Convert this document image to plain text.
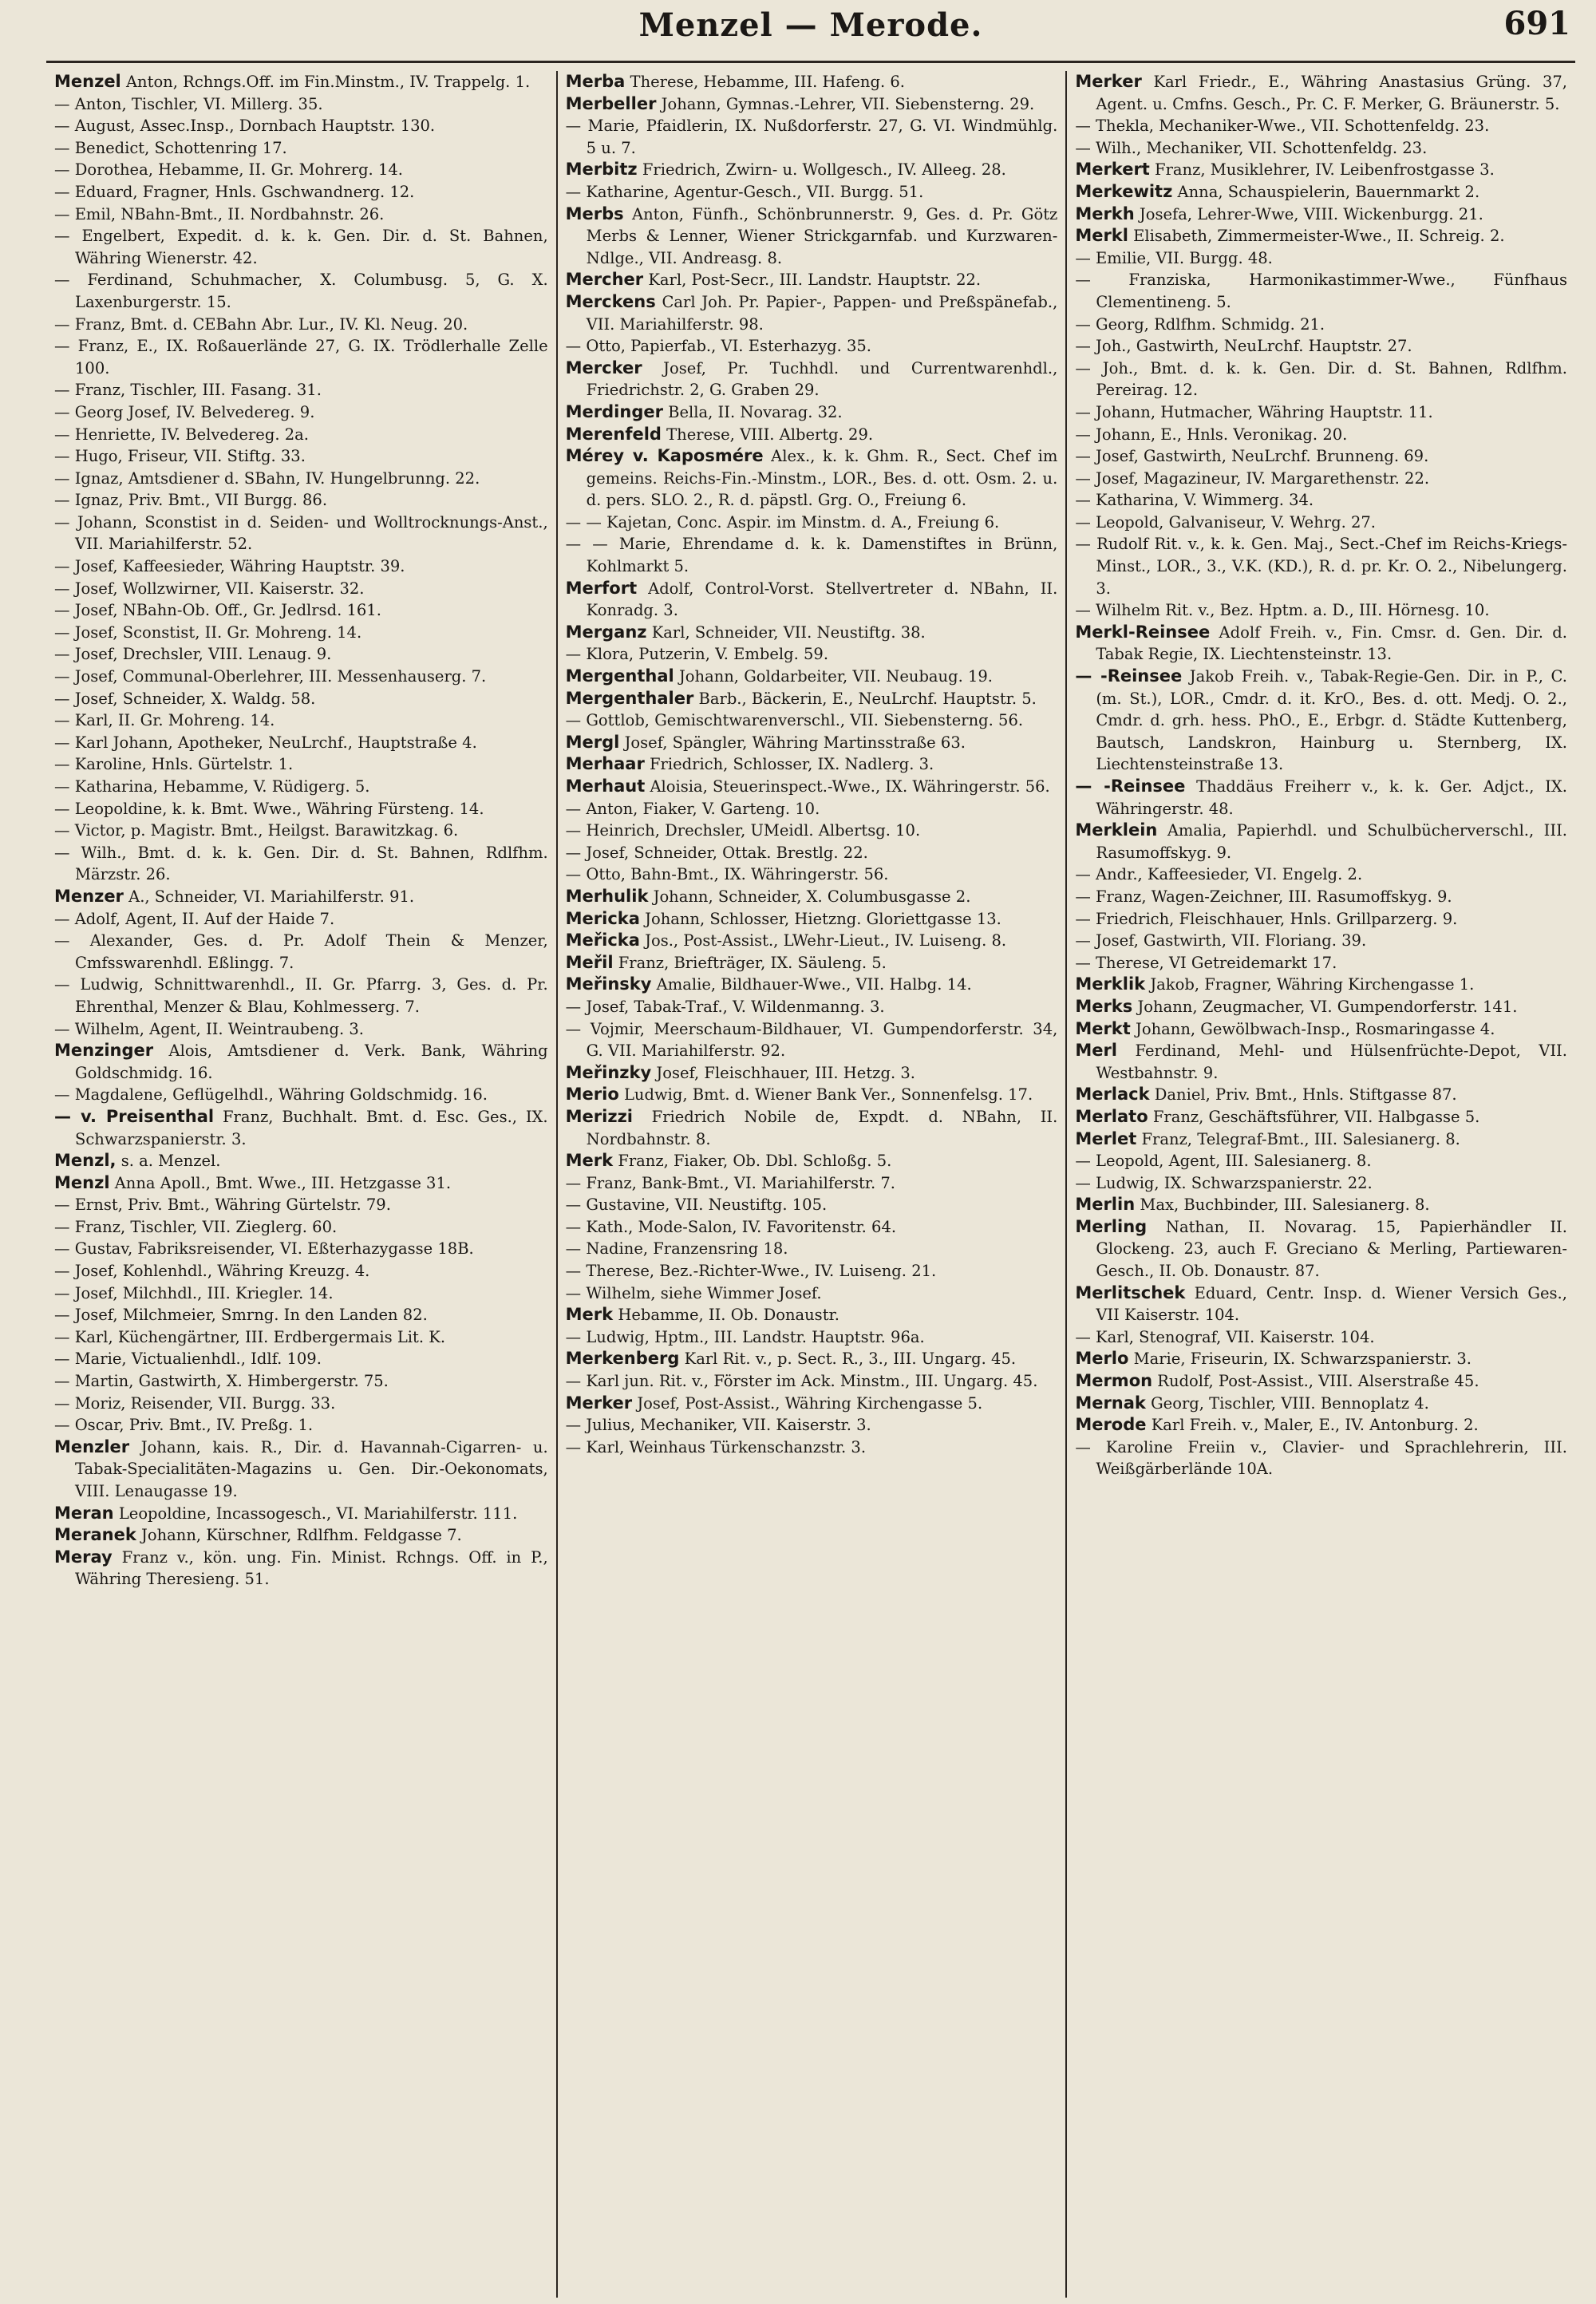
Menzel — Merode.	691
Menzel Anton, Rchngs.Off. im Fin.Minstm., IV. Trappelg. 1.
— Anton, Tischler, VI. Millerg. 35.
— August, Assec.Insp., Dornbach Hauptstr. 130.
— Benedict, Schottenring 17.
— Dorothea, Hebamme, II. Gr. Mohrerg. 14.
— Eduard, Fragner, Hnls. Gschwandnerg. 12.
— Emil, NBahn-Bmt., II. Nordbahnstr. 26.
— Engelbert, Expedit. d. k. k. Gen. Dir. d. St. Bahnen, Währing Wienerstr. 42.
— Ferdinand, Schuhmacher, X. Columbusg. 5, G. X. Laxenburgerstr. 15.
— Franz, Bmt. d. CEBahn Abr. Lur., IV. Kl. Neug. 20.
— Franz, E., IX. Roßauerlände 27, G. IX. Trödlerhalle Zelle 100.
— Franz, Tischler, III. Fasang. 31.
— Georg Josef, IV. Belvedereg. 9.
— Henriette, IV. Belvedereg. 2a.
— Hugo, Friseur, VII. Stiftg. 33.
— Ignaz, Amtsdiener d. SBahn, IV. Hungelbrunng. 22.
— Ignaz, Priv. Bmt., VII Burgg. 86.
— Johann, Sconstist in d. Seiden- und Wolltrocknungs-Anst., VII. Mariahilferstr. 52.
— Josef, Kaffeesieder, Währing Hauptstr. 39.
— Josef, Wollzwirner, VII. Kaiserstr. 32.
— Josef, NBahn-Ob. Off., Gr. Jedlrsd. 161.
— Josef, Sconstist, II. Gr. Mohreng. 14.
— Josef, Drechsler, VIII. Lenaug. 9.
— Josef, Communal-Oberlehrer, III. Messenhauserg. 7.
— Josef, Schneider, X. Waldg. 58.
— Karl, II. Gr. Mohreng. 14.
— Karl Johann, Apotheker, NeuLrchf., Hauptstraße 4.
— Karoline, Hnls. Gürtelstr. 1.
— Katharina, Hebamme, V. Rüdigerg. 5.
— Leopoldine, k. k. Bmt. Wwe., Währing Fürsteng. 14.
— Victor, p. Magistr. Bmt., Heilgst. Barawitzkag. 6.
— Wilh., Bmt. d. k. k. Gen. Dir. d. St. Bahnen, Rdlfhm. Märzstr. 26.
Menzer A., Schneider, VI. Mariahilferstr. 91.
— Adolf, Agent, II. Auf der Haide 7.
— Alexander, Ges. d. Pr. Adolf Thein & Menzer, Cmfsswarenhdl. Eßlingg. 7.
— Ludwig, Schnittwarenhdl., II. Gr. Pfarrg. 3, Ges. d. Pr. Ehrenthal, Menzer & Blau, Kohlmesserg. 7.
— Wilhelm, Agent, II. Weintraubeng. 3.
Menzinger Alois, Amtsdiener d. Verk. Bank, Währing Goldschmidg. 16.
— Magdalene, Geflügelhdl., Währing Goldschmidg. 16.
— v. Preisenthal Franz, Buchhalt. Bmt. d. Esc. Ges., IX. Schwarzspanierstr. 3.
Menzl, s. a. Menzel.
Menzl Anna Apoll., Bmt. Wwe., III. Hetzgasse 31.
— Ernst, Priv. Bmt., Währing Gürtelstr. 79.
— Franz, Tischler, VII. Zieglerg. 60.
— Gustav, Fabriksreisender, VI. Eßterhazygasse 18B.
— Josef, Kohlenhdl., Währing Kreuzg. 4.
— Josef, Milchhdl., III. Kriegler. 14.
— Josef, Milchmeier, Smrng. In den Landen 82.
— Karl, Küchengärtner, III. Erdbergermais Lit. K.
— Marie, Victualienhdl., Idlf. 109.
— Martin, Gastwirth, X. Himbergerstr. 75.
— Moriz, Reisender, VII. Burgg. 33.
— Oscar, Priv. Bmt., IV. Preßg. 1.
Menzler Johann, kais. R., Dir. d. Havannah-Cigarren- u. Tabak-Specialitäten-Magazins u. Gen. Dir.-Oekonomats, VIII. Lenaugasse 19.
Meran Leopoldine, Incassogesch., VI. Mariahilferstr. 111.
Meranek Johann, Kürschner, Rdlfhm. Feldgasse 7.
Meray Franz v., kön. ung. Fin. Minist. Rchngs. Off. in P., Währing Theresieng. 51.
Merba Therese, Hebamme, III. Hafeng. 6.
Merbeller Johann, Gymnas.-Lehrer, VII. Siebensterng. 29.
— Marie, Pfaidlerin, IX. Nußdorferstr. 27, G. VI. Windmühlg. 5 u. 7.
Merbitz Friedrich, Zwirn- u. Wollgesch., IV. Alleeg. 28.
— Katharine, Agentur-Gesch., VII. Burgg. 51.
Merbs Anton, Fünfh., Schönbrunnerstr. 9, Ges. d. Pr. Götz Merbs & Lenner, Wiener Strickgarnfab. und Kurzwaren-Ndlge., VII. Andreasg. 8.
Mercher Karl, Post-Secr., III. Landstr. Hauptstr. 22.
Merckens Carl Joh. Pr. Papier-, Pappen- und Preßspänefab., VII. Mariahilferstr. 98.
— Otto, Papierfab., VI. Esterhazyg. 35.
Mercker Josef, Pr. Tuchhdl. und Currentwarenhdl., Friedrichstr. 2, G. Graben 29.
Merdinger Bella, II. Novarag. 32.
Merenfeld Therese, VIII. Albertg. 29.
Mérey v. Kaposmére Alex., k. k. Ghm. R., Sect. Chef im gemeins. Reichs-Fin.-Minstm., LOR., Bes. d. ott. Osm. 2. u. d. pers. SLO. 2., R. d. päpstl. Grg. O., Freiung 6.
— — Kajetan, Conc. Aspir. im Minstm. d. A., Freiung 6.
— — Marie, Ehrendame d. k. k. Damenstiftes in Brünn, Kohlmarkt 5.
Merfort Adolf, Control-Vorst. Stellvertreter d. NBahn, II. Konradg. 3.
Merganz Karl, Schneider, VII. Neustiftg. 38.
— Klora, Putzerin, V. Embelg. 59.
Mergenthal Johann, Goldarbeiter, VII. Neubaug. 19.
Mergenthaler Barb., Bäckerin, E., NeuLrchf. Hauptstr. 5.
— Gottlob, Gemischtwarenverschl., VII. Siebensterng. 56.
Mergl Josef, Spängler, Währing Martinsstraße 63.
Merhaar Friedrich, Schlosser, IX. Nadlerg. 3.
Merhaut Aloisia, Steuerinspect.-Wwe., IX. Währingerstr. 56.
— Anton, Fiaker, V. Garteng. 10.
— Heinrich, Drechsler, UMeidl. Albertsg. 10.
— Josef, Schneider, Ottak. Brestlg. 22.
— Otto, Bahn-Bmt., IX. Währingerstr. 56.
Merhulik Johann, Schneider, X. Columbusgasse 2.
Mericka Johann, Schlosser, Hietzng. Gloriettgasse 13.
Meřicka Jos., Post-Assist., LWehr-Lieut., IV. Luiseng. 8.
Meřil Franz, Briefträger, IX. Säuleng. 5.
Meřinsky Amalie, Bildhauer-Wwe., VII. Halbg. 14.
— Josef, Tabak-Traf., V. Wildenmanng. 3.
— Vojmir, Meerschaum-Bildhauer, VI. Gumpendorferstr. 34, G. VII. Mariahilferstr. 92.
Meřinzky Josef, Fleischhauer, III. Hetzg. 3.
Merio Ludwig, Bmt. d. Wiener Bank Ver., Sonnenfelsg. 17.
Merizzi Friedrich Nobile de, Expdt. d. NBahn, II. Nordbahnstr. 8.
Merk Franz, Fiaker, Ob. Dbl. Schloßg. 5.
— Franz, Bank-Bmt., VI. Mariahilferstr. 7.
— Gustavine, VII. Neustiftg. 105.
— Kath., Mode-Salon, IV. Favoritenstr. 64.
— Nadine, Franzensring 18.
— Therese, Bez.-Richter-Wwe., IV. Luiseng. 21.
— Wilhelm, siehe Wimmer Josef.
Merk Hebamme, II. Ob. Donaustr.
— Ludwig, Hptm., III. Landstr. Hauptstr. 96a.
Merkenberg Karl Rit. v., p. Sect. R., 3., III. Ungarg. 45.
— Karl jun. Rit. v., Förster im Ack. Minstm., III. Ungarg. 45.
Merker Josef, Post-Assist., Währing Kirchengasse 5.
— Julius, Mechaniker, VII. Kaiserstr. 3.
— Karl, Weinhaus Türkenschanzstr. 3.
Merker Karl Friedr., E., Währing Anastasius Grüng. 37, Agent. u. Cmfns. Gesch., Pr. C. F. Merker, G. Bräunerstr. 5.
— Thekla, Mechaniker-Wwe., VII. Schottenfeldg. 23.
— Wilh., Mechaniker, VII. Schottenfeldg. 23.
Merkert Franz, Musiklehrer, IV. Leibenfrostgasse 3.
Merkewitz Anna, Schauspielerin, Bauernmarkt 2.
Merkh Josefa, Lehrer-Wwe, VIII. Wickenburgg. 21.
Merkl Elisabeth, Zimmermeister-Wwe., II. Schreig. 2.
— Emilie, VII. Burgg. 48.
— Franziska, Harmonikastimmer-Wwe., Fünfhaus Clementineng. 5.
— Georg, Rdlfhm. Schmidg. 21.
— Joh., Gastwirth, NeuLrchf. Hauptstr. 27.
— Joh., Bmt. d. k. k. Gen. Dir. d. St. Bahnen, Rdlfhm. Pereirag. 12.
— Johann, Hutmacher, Währing Hauptstr. 11.
— Johann, E., Hnls. Veronikag. 20.
— Josef, Gastwirth, NeuLrchf. Brunneng. 69.
— Josef, Magazineur, IV. Margarethenstr. 22.
— Katharina, V. Wimmerg. 34.
— Leopold, Galvaniseur, V. Wehrg. 27.
— Rudolf Rit. v., k. k. Gen. Maj., Sect.-Chef im Reichs-Kriegs-Minst., LOR., 3., V.K. (KD.), R. d. pr. Kr. O. 2., Nibelungerg. 3.
— Wilhelm Rit. v., Bez. Hptm. a. D., III. Hörnesg. 10.
Merkl-Reinsee Adolf Freih. v., Fin. Cmsr. d. Gen. Dir. d. Tabak Regie, IX. Liechtensteinstr. 13.
— -Reinsee Jakob Freih. v., Tabak-Regie-Gen. Dir. in P., C. (m. St.), LOR., Cmdr. d. it. KrO., Bes. d. ott. Medj. O. 2., Cmdr. d. grh. hess. PhO., E., Erbgr. d. Städte Kuttenberg, Bautsch, Landskron, Hainburg u. Sternberg, IX. Liechtensteinstraße 13.
— -Reinsee Thaddäus Freiherr v., k. k. Ger. Adjct., IX. Währingerstr. 48.
Merklein Amalia, Papierhdl. und Schulbücherverschl., III. Rasumoffskyg. 9.
— Andr., Kaffeesieder, VI. Engelg. 2.
— Franz, Wagen-Zeichner, III. Rasumoffskyg. 9.
— Friedrich, Fleischhauer, Hnls. Grillparzerg. 9.
— Josef, Gastwirth, VII. Floriang. 39.
— Therese, VI Getreidemarkt 17.
Merklik Jakob, Fragner, Währing Kirchengasse 1.
Merks Johann, Zeugmacher, VI. Gumpendorferstr. 141.
Merkt Johann, Gewölbwach-Insp., Rosmaringasse 4.
Merl Ferdinand, Mehl- und Hülsenfrüchte-Depot, VII. Westbahnstr. 9.
Merlack Daniel, Priv. Bmt., Hnls. Stiftgasse 87.
Merlato Franz, Geschäftsführer, VII. Halbgasse 5.
Merlet Franz, Telegraf-Bmt., III. Salesianerg. 8.
— Leopold, Agent, III. Salesianerg. 8.
— Ludwig, IX. Schwarzspanierstr. 22.
Merlin Max, Buchbinder, III. Salesianerg. 8.
Merling Nathan, II. Novarag. 15, Papierhändler II. Glockeng. 23, auch F. Greciano & Merling, Partiewaren-Gesch., II. Ob. Donaustr. 87.
Merlitschek Eduard, Centr. Insp. d. Wiener Versich Ges., VII Kaiserstr. 104.
— Karl, Stenograf, VII. Kaiserstr. 104.
Merlo Marie, Friseurin, IX. Schwarzspanierstr. 3.
Mermon Rudolf, Post-Assist., VIII. Alserstraße 45.
Mernak Georg, Tischler, VIII. Bennoplatz 4.
Merode Karl Freih. v., Maler, E., IV. Antonburg. 2.
— Karoline Freiin v., Clavier- und Sprachlehrerin, III. Weißgärberlände 10A.
